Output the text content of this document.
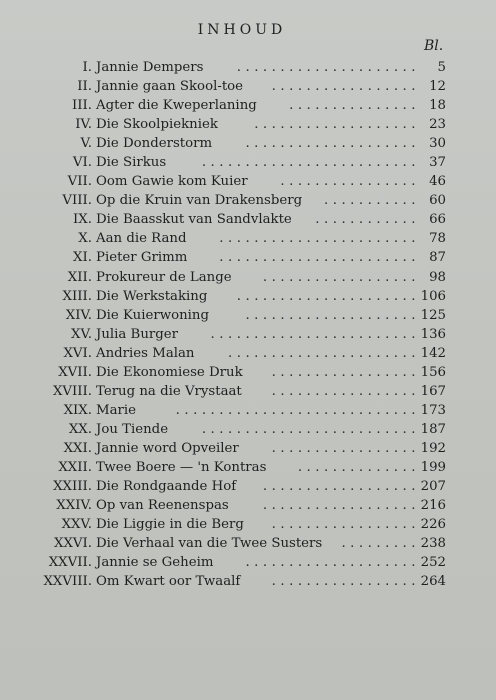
INHOUD
Bl.
I. Jannie Dempers	..................... 5
II. Jannie gaan Skool-toe ................. 12
III. Agter die Kweperlaning ............... 18
IV. Die Skoolpiekniek	................... 23
V. Die Donderstorm	.................... 30
VI. Die Sirkus	......................... 37
VII. Oom Gawie kom Kuier ................ 46
VIII. Op die Kruin van Drakensberg ........... 60
IX. Die Baasskut van Sandvlakte ............ 66
X. Aan die Rand ....................... 78
XI. Pieter Grimm ....................... 87
XII. Prokureur de Lange .................. 98
XIII. Die Werkstaking ..................... 106
XIV. Die Kuierwoning	.................... 125
XV. Julia Burger ........................ 136
XVI. Andries Malan	...................... 142
XVII. Die Ekonomiese Druk ................. 156
XVIII. Terug na die Vrystaat ................. 167
XIX. Marie	............................ 173
XX. Jou Tiende	......................... 187
XXI. Jannie word Opveiler ................. 192
XXII. Twee Boere — 'n Kontras .............. 199
XXIII. Die Rondgaande Hof .................. 207
XXIV. Op van Reenenspas	.................. 216
XXV. Die Liggie in die Berg ................. 226
XXVI. Die Verhaal van die Twee Susters ......... 238
XXVII. Jannie se Geheim .................... 252
XXVIII. Om Kwart oor Twaalf ................. 264
